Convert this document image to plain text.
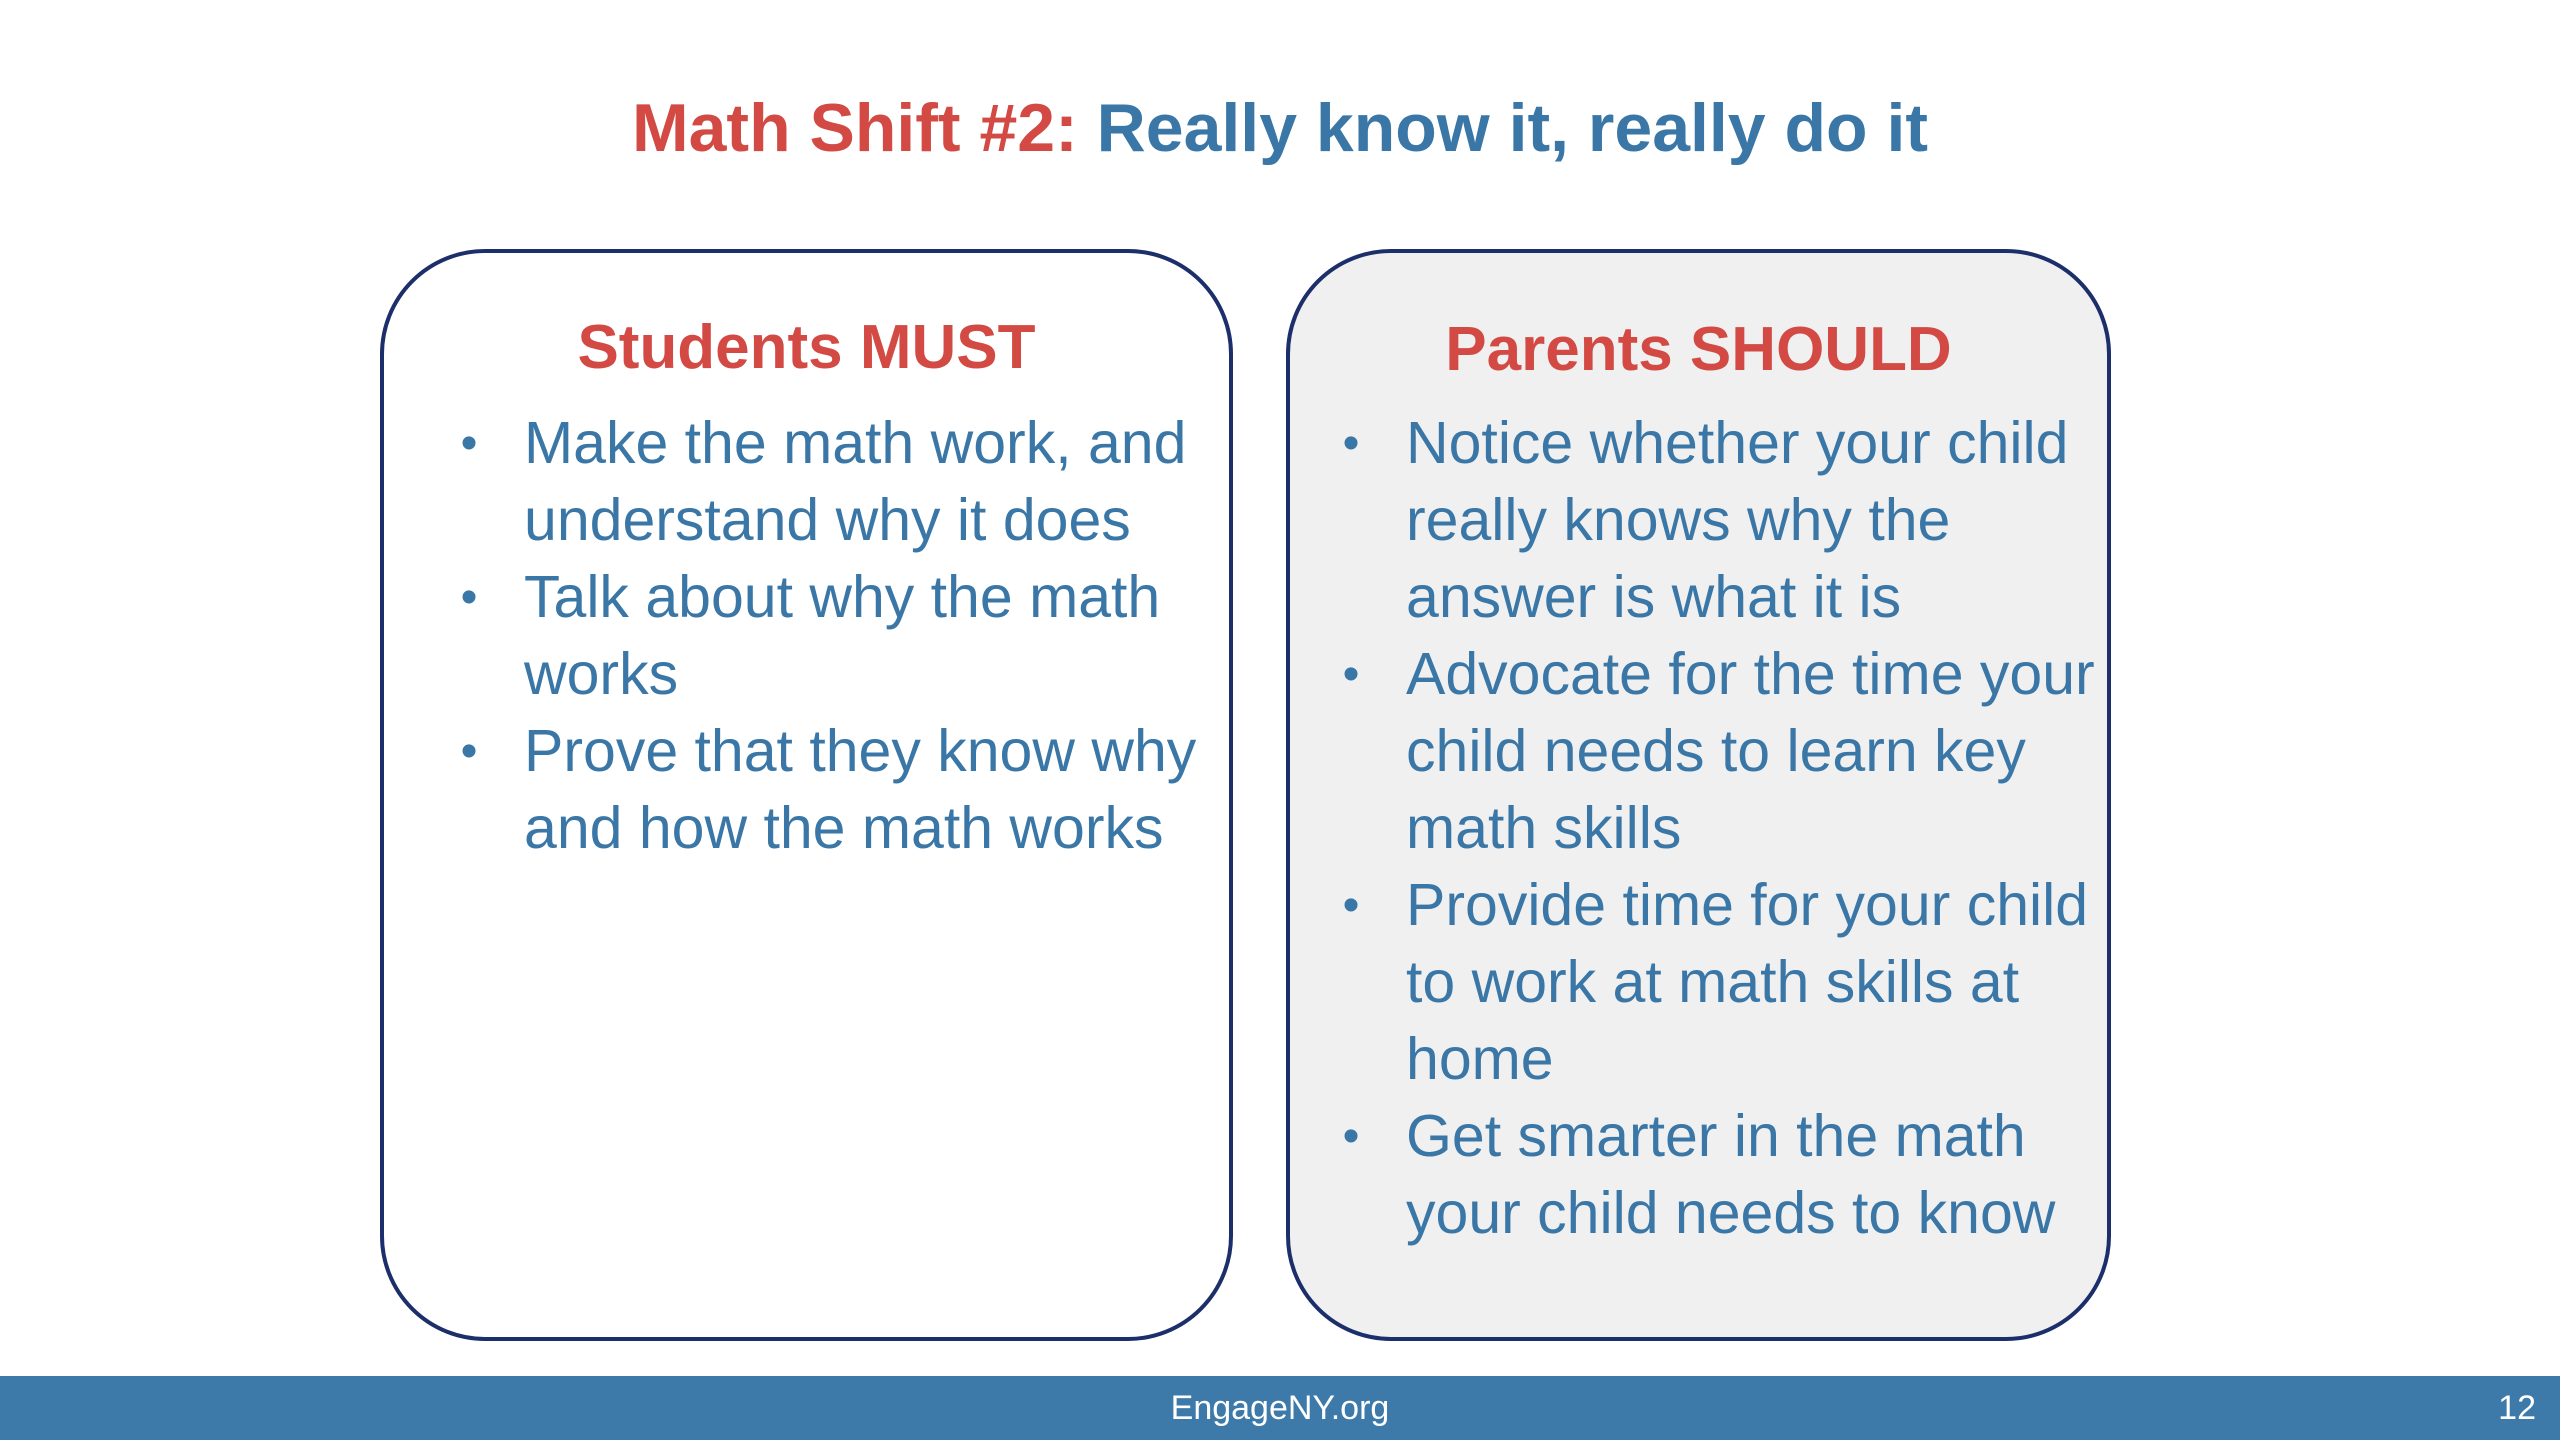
Math Shift #2: Really know it, really do it
Students MUST
• Make the math work, and understand why it does
• Talk about why the math works
• Prove that they know why and how the math works
Parents SHOULD
• Notice whether your child really knows why the answer is what it is
• Advocate for the time your child needs to learn key math skills
• Provide time for your child to work at math skills at home
• Get smarter in the math your child needs to know
EngageNY.org	12
